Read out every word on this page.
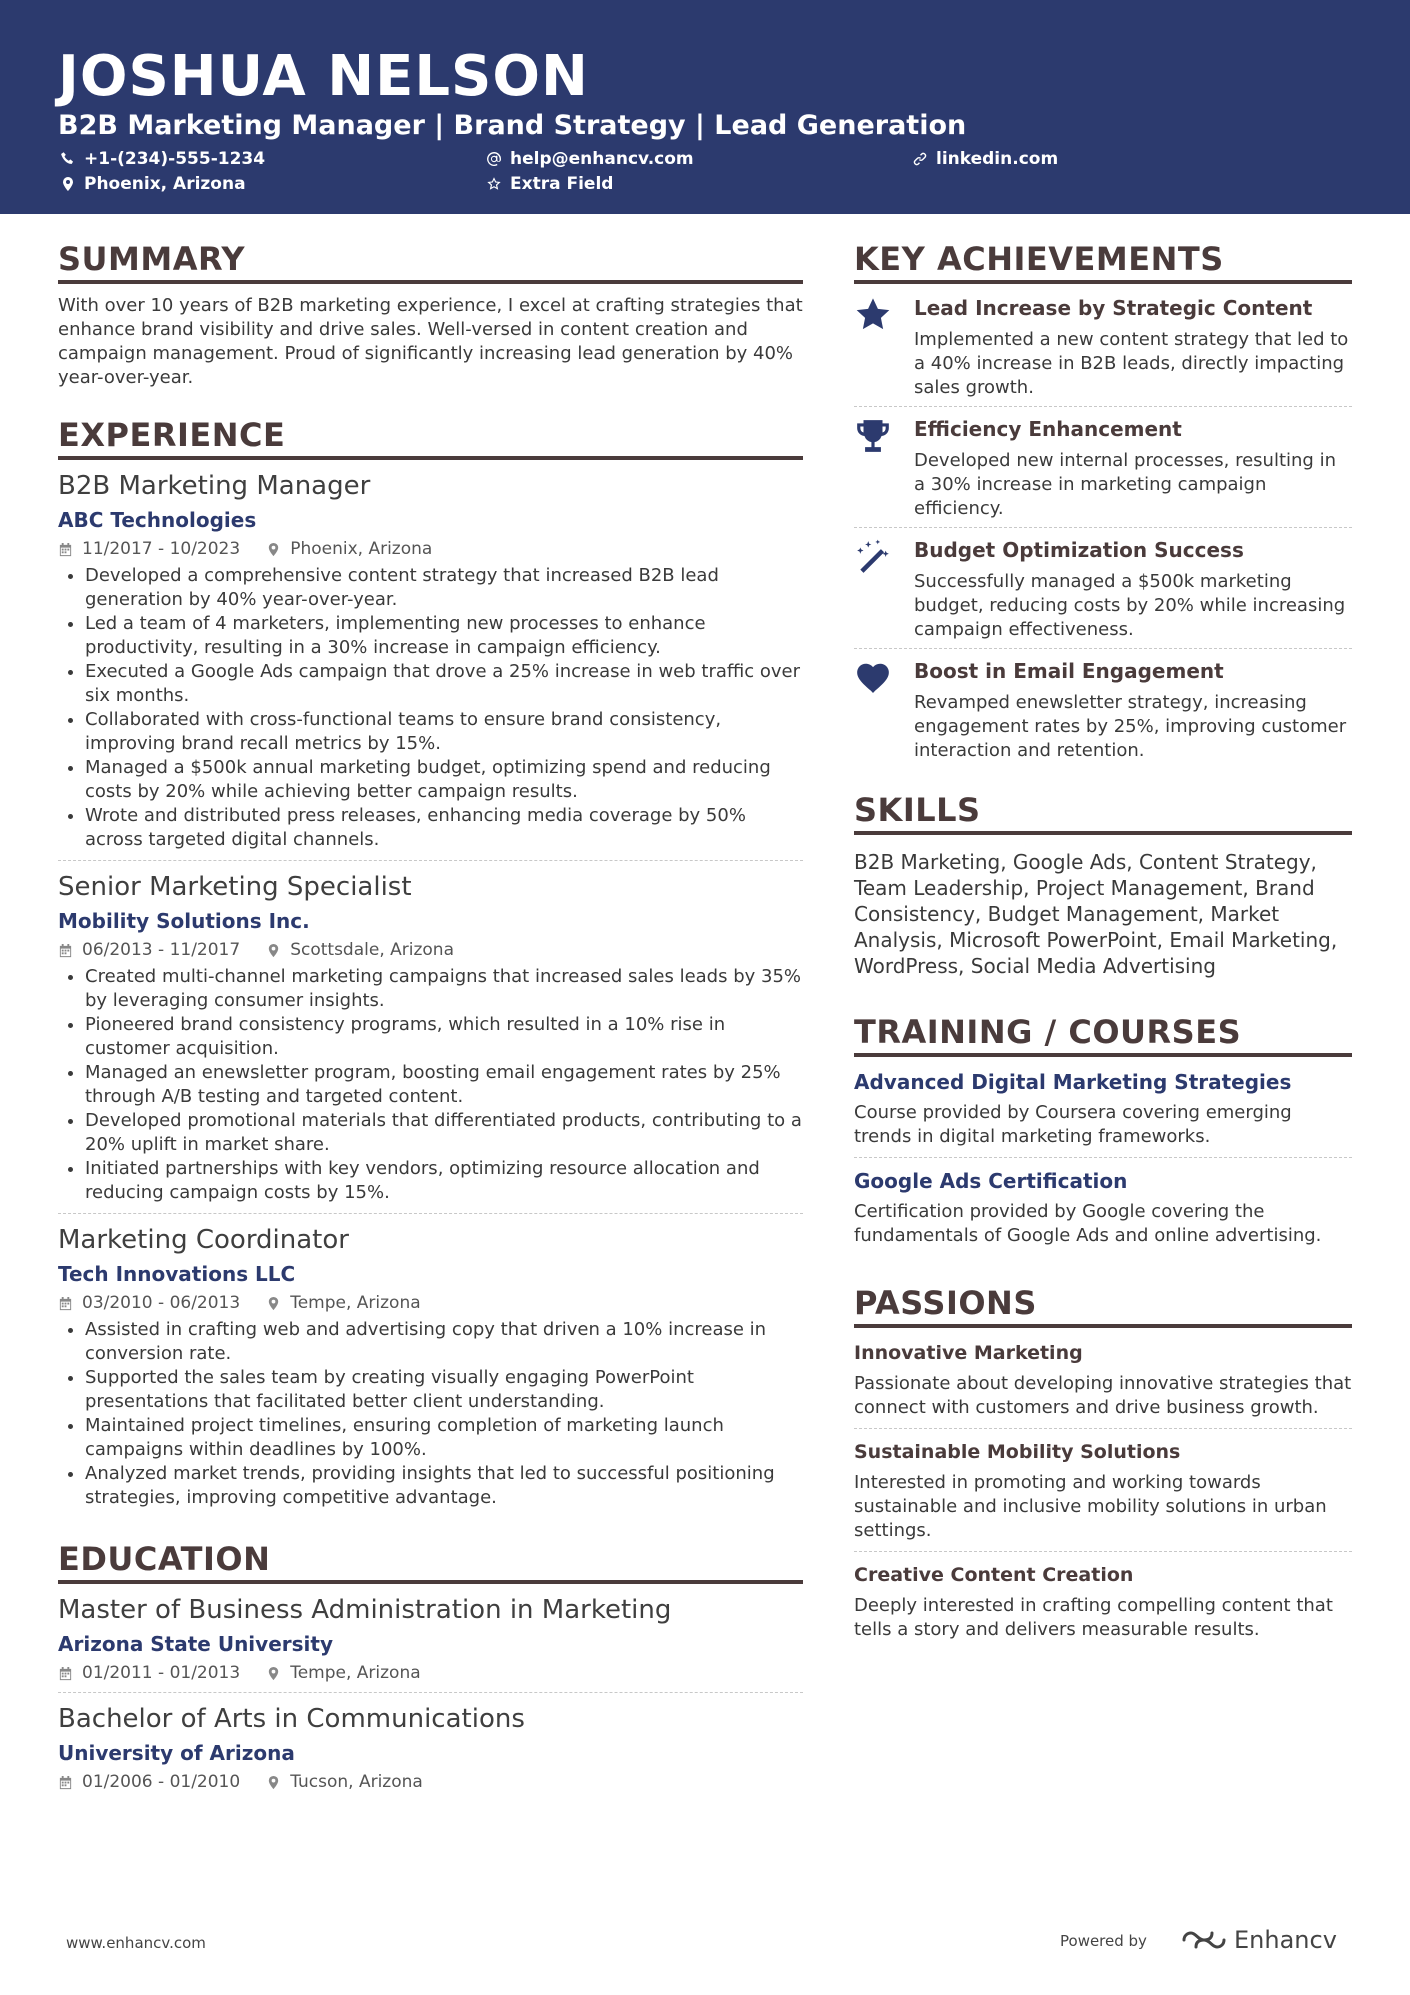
JOSHUA NELSON
B2B Marketing Manager | Brand Strategy | Lead Generation
+1-(234)-555-1234	help@enhancv.com	linkedin.com
Phoenix, Arizona	Extra Field
SUMMARY
With over 10 years of B2B marketing experience, I excel at crafting strategies that enhance brand visibility and drive sales. Well-versed in content creation and campaign management. Proud of significantly increasing lead generation by 40% year-over-year.
EXPERIENCE
B2B Marketing Manager
ABC Technologies
11/2017 - 10/2023	Phoenix, Arizona
• Developed a comprehensive content strategy that increased B2B lead generation by 40% year-over-year.
• Led a team of 4 marketers, implementing new processes to enhance productivity, resulting in a 30% increase in campaign efficiency.
• Executed a Google Ads campaign that drove a 25% increase in web traffic over six months.
• Collaborated with cross-functional teams to ensure brand consistency, improving brand recall metrics by 15%.
• Managed a $500k annual marketing budget, optimizing spend and reducing costs by 20% while achieving better campaign results.
• Wrote and distributed press releases, enhancing media coverage by 50% across targeted digital channels.
Senior Marketing Specialist
Mobility Solutions Inc.
06/2013 - 11/2017	Scottsdale, Arizona
• Created multi-channel marketing campaigns that increased sales leads by 35% by leveraging consumer insights.
• Pioneered brand consistency programs, which resulted in a 10% rise in customer acquisition.
• Managed an enewsletter program, boosting email engagement rates by 25% through A/B testing and targeted content.
• Developed promotional materials that differentiated products, contributing to a 20% uplift in market share.
• Initiated partnerships with key vendors, optimizing resource allocation and reducing campaign costs by 15%.
Marketing Coordinator
Tech Innovations LLC
03/2010 - 06/2013	Tempe, Arizona
• Assisted in crafting web and advertising copy that driven a 10% increase in conversion rate.
• Supported the sales team by creating visually engaging PowerPoint presentations that facilitated better client understanding.
• Maintained project timelines, ensuring completion of marketing launch campaigns within deadlines by 100%.
• Analyzed market trends, providing insights that led to successful positioning strategies, improving competitive advantage.
EDUCATION
Master of Business Administration in Marketing
Arizona State University
01/2011 - 01/2013	Tempe, Arizona
Bachelor of Arts in Communications
University of Arizona
01/2006 - 01/2010	Tucson, Arizona
KEY ACHIEVEMENTS
Lead Increase by Strategic Content
Implemented a new content strategy that led to a 40% increase in B2B leads, directly impacting sales growth.
Efficiency Enhancement
Developed new internal processes, resulting in a 30% increase in marketing campaign efficiency.
Budget Optimization Success
Successfully managed a $500k marketing budget, reducing costs by 20% while increasing campaign effectiveness.
Boost in Email Engagement
Revamped enewsletter strategy, increasing engagement rates by 25%, improving customer interaction and retention.
SKILLS
B2B Marketing, Google Ads, Content Strategy, Team Leadership, Project Management, Brand Consistency, Budget Management, Market Analysis, Microsoft PowerPoint, Email Marketing, WordPress, Social Media Advertising
TRAINING / COURSES
Advanced Digital Marketing Strategies
Course provided by Coursera covering emerging trends in digital marketing frameworks.
Google Ads Certification
Certification provided by Google covering the fundamentals of Google Ads and online advertising.
PASSIONS
Innovative Marketing
Passionate about developing innovative strategies that connect with customers and drive business growth.
Sustainable Mobility Solutions
Interested in promoting and working towards sustainable and inclusive mobility solutions in urban settings.
Creative Content Creation
Deeply interested in crafting compelling content that tells a story and delivers measurable results.
www.enhancv.com	Powered by	Enhancv
